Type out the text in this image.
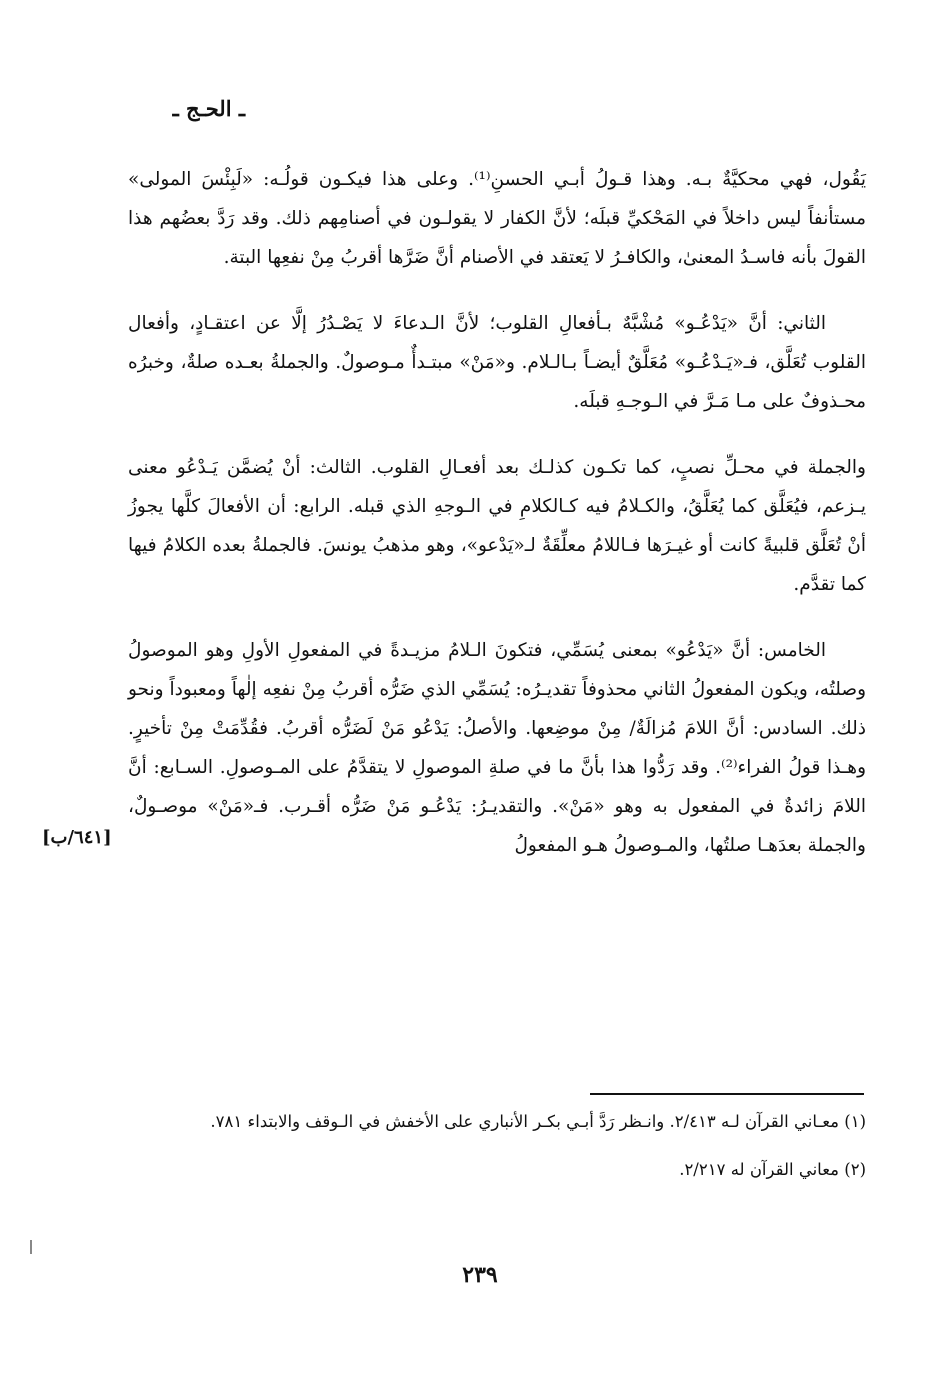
ـ الحـج ـ

يَقُول، فهي محكيَّةٌ بـه. وهذا قـولُ أبـي الحسنِ⁽¹⁾. وعلى هذا فيكـون قولُـه: «لَبِئْسَ المولى» مستأنفاً ليس داخلاً في المَحْكيِّ قبلَه؛ لأنَّ الكفار لا يقولـون في أصنامِهم ذلك. وقد رَدَّ بعضُهم هذا القولَ بأنه فاسـدُ المعنىٰ، والكافـرُ لا يَعتقد في الأصنام أنَّ ضَرَّها أقربُ مِنْ نفعِها البتة.

الثاني: أنَّ «يَدْعُـو» مُشْبَّهٌ بـأفعالِ القلوب؛ لأنَّ الـدعاءَ لا يَصْـدُرُ إلَّا عن اعتقـادٍ، وأفعال القلوب تُعَلَّق، فـ«يَـدْعُـو» مُعَلَّقٌ أيضـاً بـالـلام. و«مَنْ» مبتـدأٌ مـوصولٌ. والجملةُ بعـده صلةٌ، وخبرُه محـذوفٌ على مـا مَـرَّ في الـوجـهِ قبلَه.

والجملة في محـلِّ نصبٍ، كما تكـون كذلـك بعد أفعـالِ القلوب. الثالث: أنْ يُضمَّن يَـدْعُو معنى يـزعم، فيُعَلَّق كما يُعَلَّقُ، والكـلامُ فيه كـالكلامِ في الـوجهِ الذي قبله. الرابع: أن الأفعالَ كلَّها يجوزُ أنْ تُعَلَّق قلبيةً كانت أو غيـرَها فـاللامُ معلِّقَةٌ لـ«يَدْعو»، وهو مذهبُ يونسَ. فالجملةُ بعده الكلامُ فيها كما تقدَّم.

الخامس: أنَّ «يَدْعُو» بمعنى يُسَمِّي، فتكونَ الـلامُ مزيـدةً في المفعولِ الأولِ وهو الموصولُ وصلتُه، ويكون المفعولُ الثاني محذوفاً تقديـرُه: يُسَمِّي الذي ضَرُّه أقربُ مِنْ نفعِه إلٰهاً ومعبوداً ونحو ذلك. السادس: أنَّ اللامَ مُزالَةٌ/ مِنْ موضِعها. والأصلُ: يَدْعُو مَنْ لَضَرُّه أقربُ. فقُدِّمَتْ مِنْ تأخيرٍ. وهـذا قولُ الفراء⁽²⁾. وقد رَدُّوا هذا بأنَّ ما في صلةِ الموصولِ لا يتقدَّمُ على المـوصولِ. السـابع: أنَّ اللامَ زائدةٌ في المفعول به وهو «مَنْ». والتقديـرُ: يَدْعُـو مَنْ ضَرُّه أقـرب. فـ«مَنْ» موصـولٌ، والجملة بعدَهـا صلتُها، والمـوصولُ هـو المفعولُ

[٦٤١/ب]

(١) معـاني القرآن لـه ٢/٤١٣. وانـظر رَدَّ أبـي بكـر الأنباري على الأخفش في الـوقف والابتداء ٧٨١.

(٢) معاني القرآن له ٢/٢١٧.

٢٣٩
